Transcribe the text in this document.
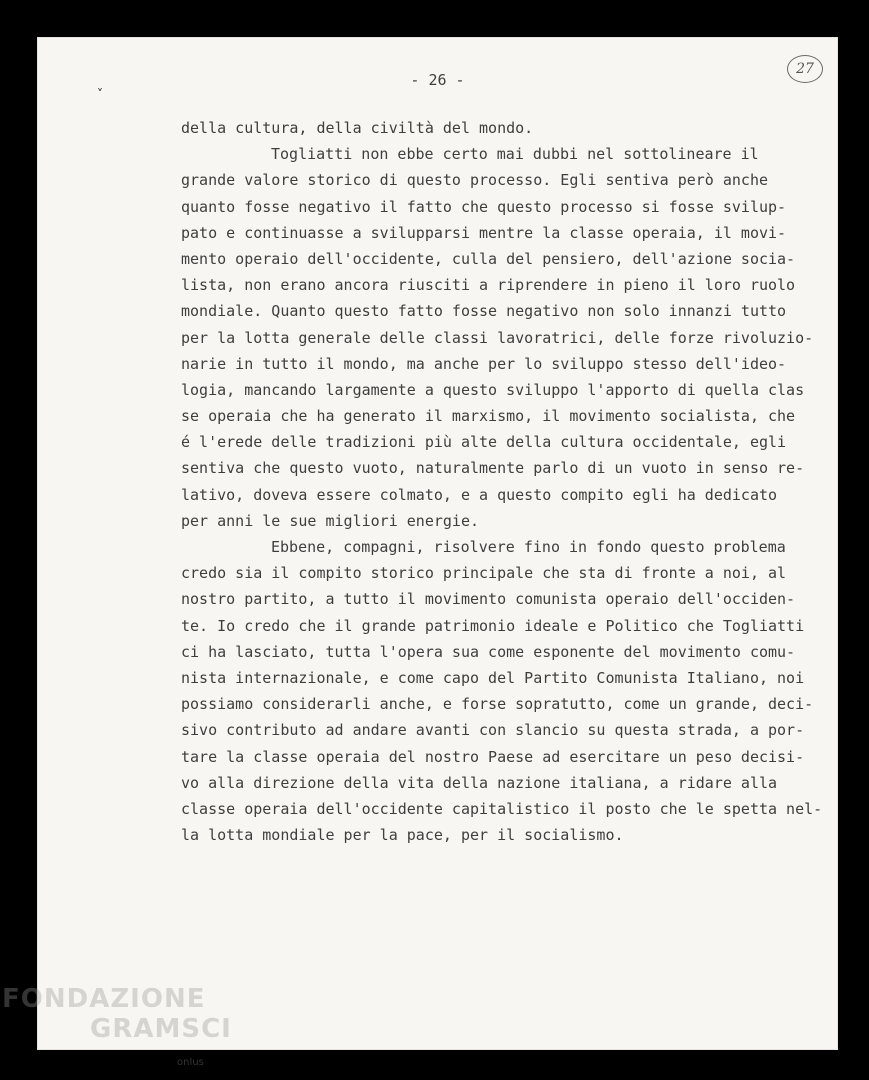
˅
- 26 -
27
della cultura, della civiltà del mondo.
Togliatti non ebbe certo mai dubbi nel sottolineare il
grande valore storico di questo processo. Egli sentiva però anche
quanto fosse negativo il fatto che questo processo si fosse svilup-
pato e continuasse a svilupparsi mentre la classe operaia, il movi-
mento operaio dell'occidente, culla del pensiero, dell'azione socia-
lista, non erano ancora riusciti a riprendere in pieno il loro ruolo
mondiale. Quanto questo fatto fosse negativo non solo innanzi tutto
per la lotta generale delle classi lavoratrici, delle forze rivoluzio-
narie in tutto il mondo, ma anche per lo sviluppo stesso dell'ideo-
logia, mancando largamente a questo sviluppo l'apporto di quella clas
se operaia che ha generato il marxismo, il movimento socialista, che
é l'erede delle tradizioni più alte della cultura occidentale, egli
sentiva che questo vuoto, naturalmente parlo di un vuoto in senso re-
lativo, doveva essere colmato, e a questo compito egli ha dedicato
per anni le sue migliori energie.
Ebbene, compagni, risolvere fino in fondo questo problema
credo sia il compito storico principale che sta di fronte a noi, al
nostro partito, a tutto il movimento comunista operaio dell'occiden-
te. Io credo che il grande patrimonio ideale e Politico che Togliatti
ci ha lasciato, tutta l'opera sua come esponente del movimento comu-
nista internazionale, e come capo del Partito Comunista Italiano, noi
possiamo considerarli anche, e forse sopratutto, come un grande, deci-
sivo contributo ad andare avanti con slancio su questa strada, a por-
tare la classe operaia del nostro Paese ad esercitare un peso decisi-
vo alla direzione della vita della nazione italiana, a ridare alla
classe operaia dell'occidente capitalistico il posto che le spetta nel-
la lotta mondiale per la pace, per il socialismo.
FONDAZIONE
GRAMSCI
onlus
